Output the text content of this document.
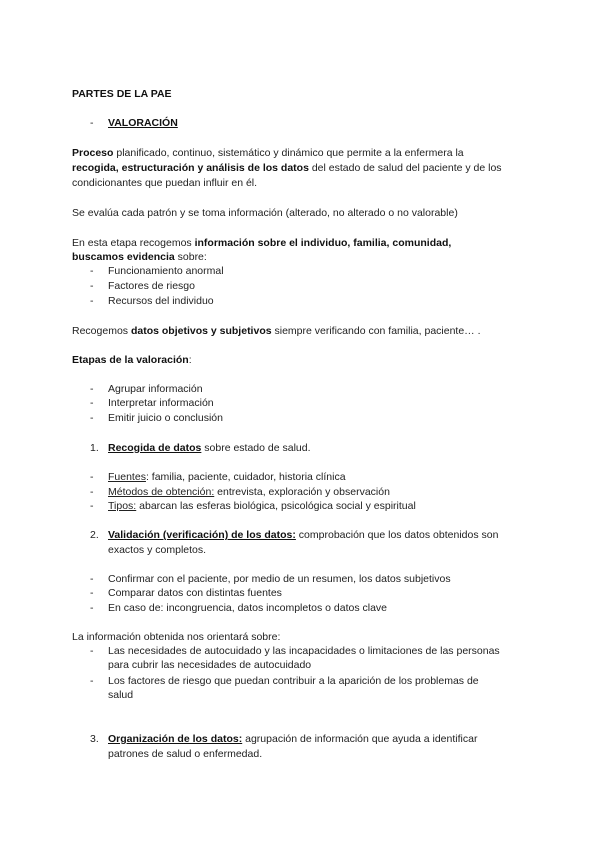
PARTES DE LA PAE
- VALORACIÓN
Proceso planificado, continuo, sistemático y dinámico que permite a la enfermera la
recogida, estructuración y análisis de los datos del estado de salud del paciente y de los
condicionantes que puedan influir en él.
Se evalúa cada patrón y se toma información (alterado, no alterado o no valorable)
En esta etapa recogemos información sobre el individuo, familia, comunidad,
buscamos evidencia sobre:
- Funcionamiento anormal
- Factores de riesgo
- Recursos del individuo
Recogemos datos objetivos y subjetivos siempre verificando con familia, paciente… .
Etapas de la valoración:
- Agrupar información
- Interpretar información
- Emitir juicio o conclusión
1. Recogida de datos sobre estado de salud.
- Fuentes: familia, paciente, cuidador, historia clínica
- Métodos de obtención: entrevista, exploración y observación
- Tipos: abarcan las esferas biológica, psicológica social y espiritual
2. Validación (verificación) de los datos: comprobación que los datos obtenidos son
exactos y completos.
- Confirmar con el paciente, por medio de un resumen, los datos subjetivos
- Comparar datos con distintas fuentes
- En caso de: incongruencia, datos incompletos o datos clave
La información obtenida nos orientará sobre:
- Las necesidades de autocuidado y las incapacidades o limitaciones de las personas
para cubrir las necesidades de autocuidado
- Los factores de riesgo que puedan contribuir a la aparición de los problemas de
salud
3. Organización de los datos: agrupación de información que ayuda a identificar
patrones de salud o enfermedad.
